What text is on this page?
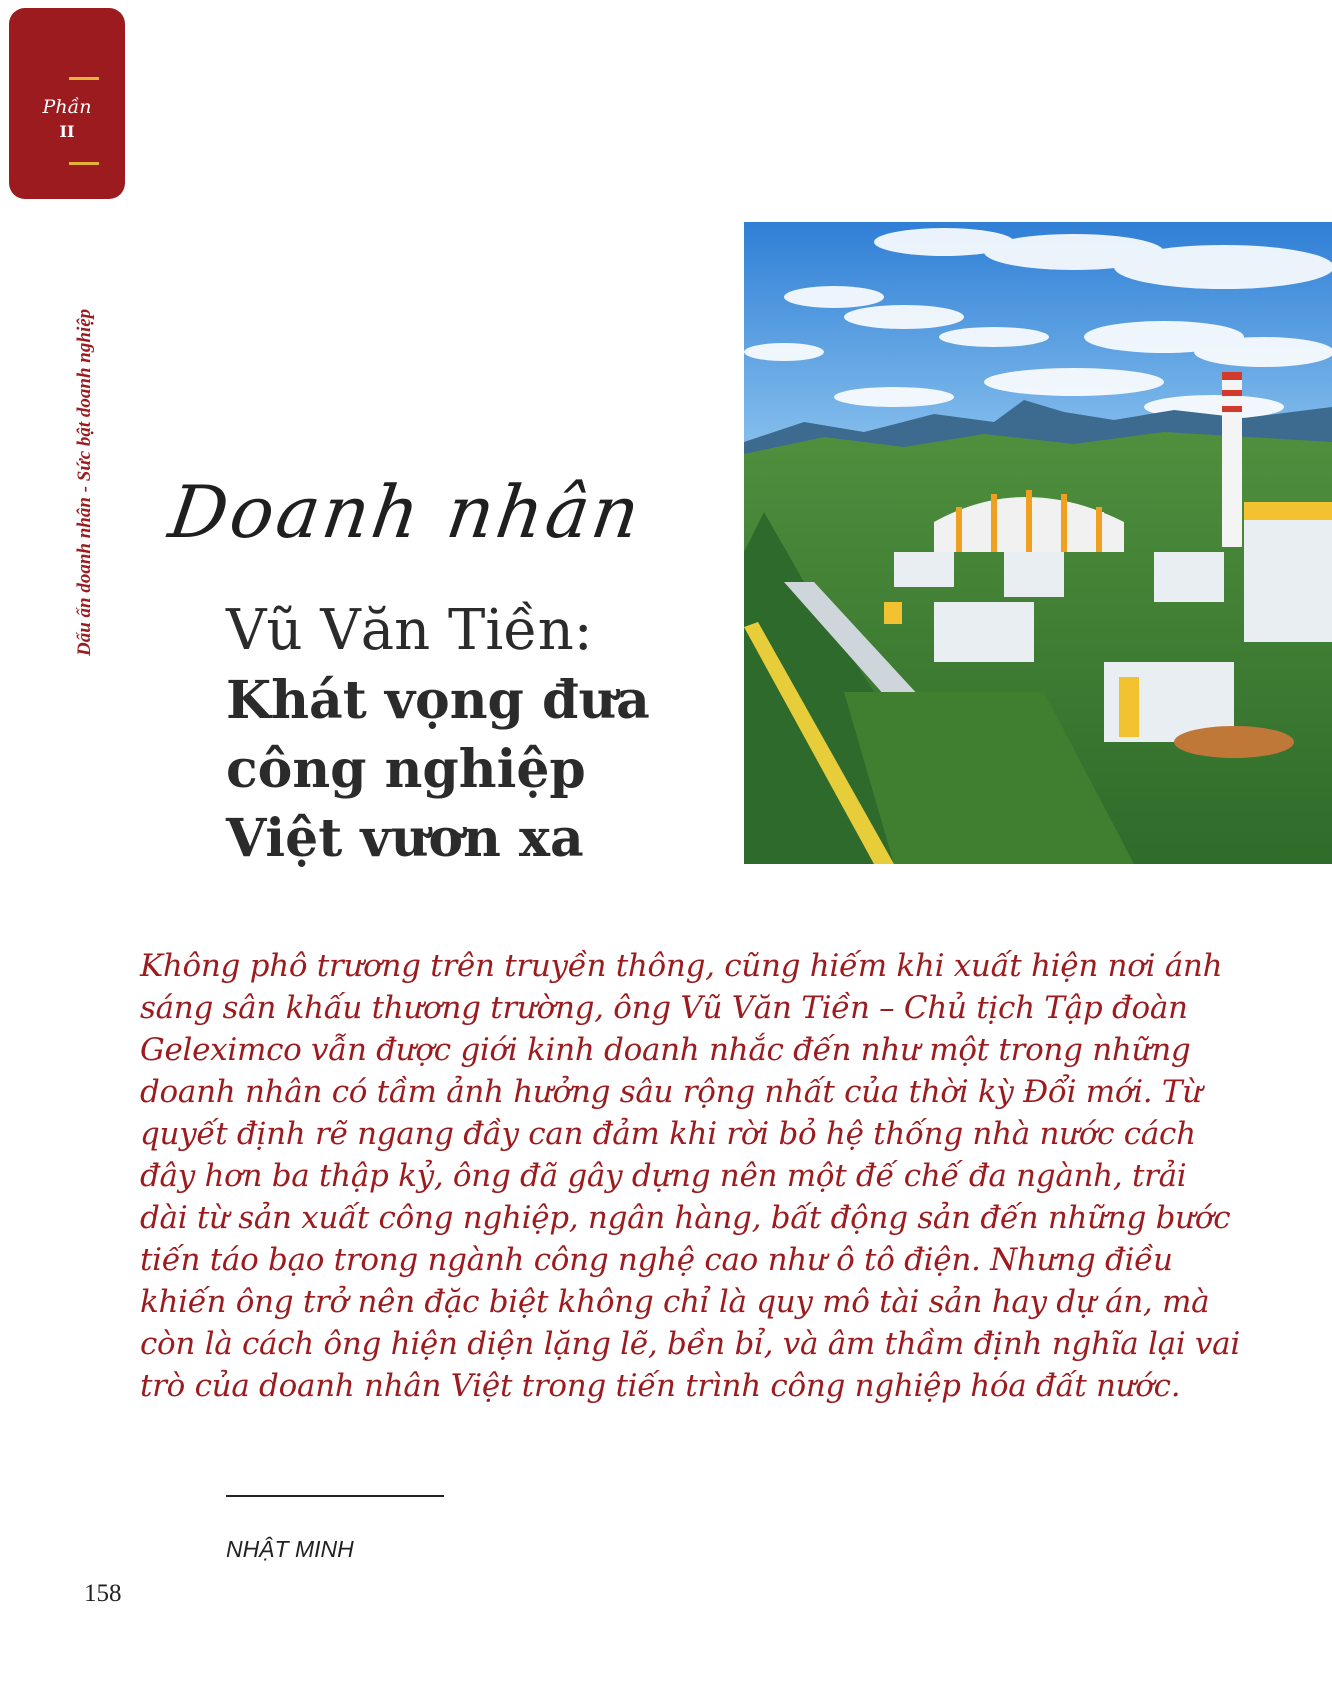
Phần
II
Dấu ấn doanh nhân - Sức bật doanh nghiệp Doanh nhân
Vũ Văn Tiền:
Khát vọng đưa
công nghiệp
Việt vươn xa

Không phô trương trên truyền thông, cũng hiếm khi xuất hiện nơi ánh sáng sân khấu thương trường, ông Vũ Văn Tiền – Chủ tịch Tập đoàn Geleximco vẫn được giới kinh doanh nhắc đến như một trong những doanh nhân có tầm ảnh hưởng sâu rộng nhất của thời kỳ Đổi mới. Từ quyết định rẽ ngang đầy can đảm khi rời bỏ hệ thống nhà nước cách đây hơn ba thập kỷ, ông đã gây dựng nên một đế chế đa ngành, trải dài từ sản xuất công nghiệp, ngân hàng, bất động sản đến những bước tiến táo bạo trong ngành công nghệ cao như ô tô điện. Nhưng điều khiến ông trở nên đặc biệt không chỉ là quy mô tài sản hay dự án, mà còn là cách ông hiện diện lặng lẽ, bền bỉ, và âm thầm định nghĩa lại vai trò của doanh nhân Việt trong tiến trình công nghiệp hóa đất nước.

NHẬT MINH
158
